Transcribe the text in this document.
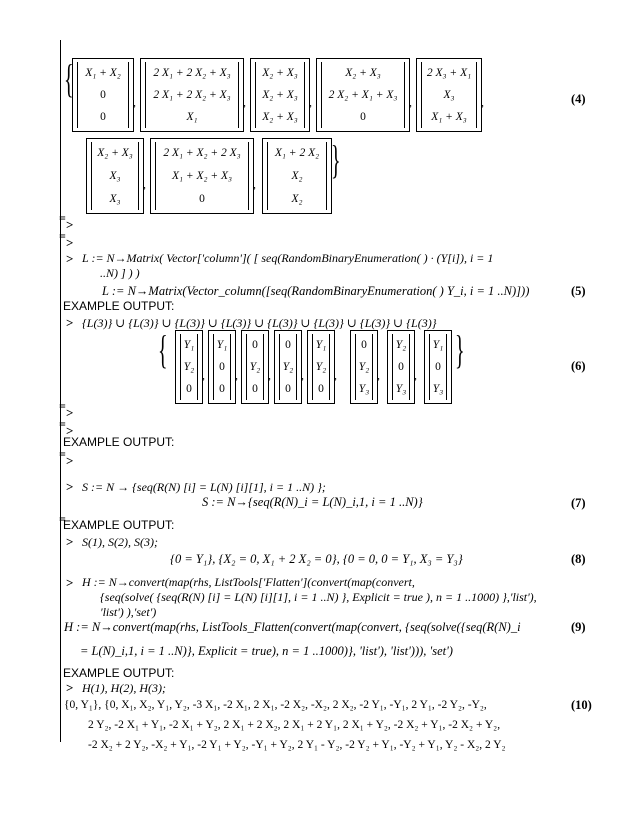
{	X₁ + X₂
0
0
,
2 X₁ + 2 X₂ + X₃
2 X₁ + 2 X₂ + X₃
X₁
,
X₂ + X₃
X₂ + X₃
X₂ + X₃
,
X₂ + X₃
2 X₂ + X₁ + X₃
0
,
2 X₃ + X₁
X₃
X₁ + X₃
,	(4)
X₂ + X₃
X₃
X₃
,
2 X₁ + X₂ + 2 X₃
X₁ + X₂ + X₃
0
,
X₁ + 2 X₂
X₂
X₂
}
= >
= >
> L := N→Matrix( Vector['column']( [ seq(RandomBinaryEnumeration( ) · (Y[i]), i = 1
..N) ] ) )
L := N→Matrix(Vector_column([seq(RandomBinaryEnumeration( ) Y_i, i = 1 ..N)]))	(5)
EXAMPLE OUTPUT:
> {L(3)} ∪ {L(3)} ∪ {L(3)} ∪ {L(3)} ∪ {L(3)} ∪ {L(3)} ∪ {L(3)} ∪ {L(3)}
{	Y₁
Y₂
0
,
Y₁
0
0
,
0
Y₂
0
,
0
Y₂
0
,
Y₁
Y₂
0
,
0
Y₂
Y₃
,
Y₂
0
Y₃
,
Y₁
0
Y₃
}	(6)
= >
= >
EXAMPLE OUTPUT:
= >
> S := N → {seq(R(N) [i] = L(N) [i][1], i = 1 ..N) };
S := N→{seq(R(N)_i = L(N)_i,1, i = 1 ..N)}	(7)
=
EXAMPLE OUTPUT:
> S(1), S(2), S(3);
{0 = Y₁}, {X₂ = 0, X₁ + 2 X₂ = 0}, {0 = 0, 0 = Y₁, X₃ = Y₃}	(8)
> H := N→convert(map(rhs, ListTools['Flatten'](convert(map(convert,
{seq(solve( {seq(R(N) [i] = L(N) [i][1], i = 1 ..N) }, Explicit = true ), n = 1 ..1000) },'list'),
'list') ),'set')
H := N→convert(map(rhs, ListTools_Flatten(convert(map(convert, {seq(solve({seq(R(N)_i
= L(N)_i,1, i = 1 ..N)}, Explicit = true), n = 1 ..1000)}, 'list'), 'list'))), 'set')
(9)
EXAMPLE OUTPUT:
> H(1), H(2), H(3);
{0, Y₁}, {0, X₁, X₂, Y₁, Y₂, -3 X₁, -2 X₁, 2 X₁, -2 X₂, -X₂, 2 X₂, -2 Y₁, -Y₁, 2 Y₁, -2 Y₂, -Y₂,
2 Y₂, -2 X₁ + Y₁, -2 X₁ + Y₂, 2 X₁ + 2 X₂, 2 X₁ + 2 Y₁, 2 X₁ + Y₂, -2 X₂ + Y₁, -2 X₂ + Y₂,
-2 X₂ + 2 Y₂, -X₂ + Y₁, -2 Y₁ + Y₂, -Y₁ + Y₂, 2 Y₁ - Y₂, -2 Y₂ + Y₁, -Y₂ + Y₁, Y₂ - X₂, 2 Y₂
(10)
